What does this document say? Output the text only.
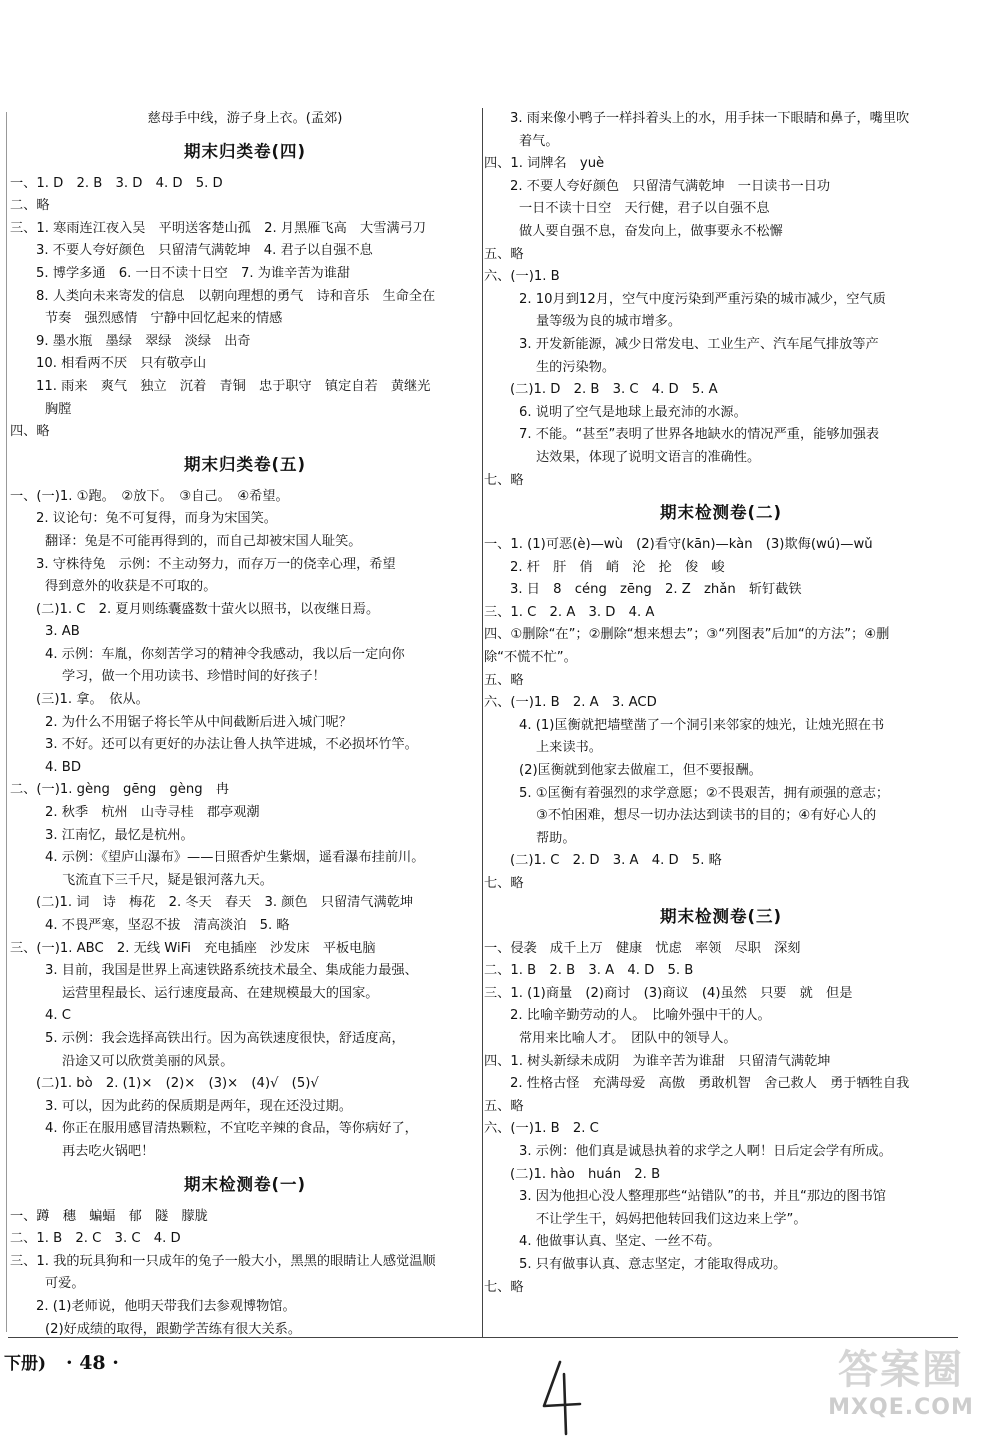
慈母手中线，游子身上衣。(孟郊)
期末归类卷(四)
一、1. D　2. B　3. D　4. D　5. D
二、略
三、1. 寒雨连江夜入吴　平明送客楚山孤　2. 月黑雁飞高　大雪满弓刀
3. 不要人夸好颜色　只留清气满乾坤　4. 君子以自强不息
5. 博学多通　6. 一日不读十日空　7. 为谁辛苦为谁甜
8. 人类向未来寄发的信息　以朝向理想的勇气　诗和音乐　生命全在
节奏　强烈感情　宁静中回忆起来的情感
9. 墨水瓶　墨绿　翠绿　淡绿　出奇
10. 相看两不厌　只有敬亭山
11. 雨来　爽气　独立　沉着　青铜　忠于职守　镇定自若　黄继光
胸膛
四、略
期末归类卷(五)
一、(一)1. ①跑。　②放下。　③自己。　④希望。
2. 议论句：兔不可复得，而身为宋国笑。
翻译：兔是不可能再得到的，而自己却被宋国人耻笑。
3. 守株待兔　示例：不主动努力，而存万一的侥幸心理，希望
得到意外的收获是不可取的。
(二)1. C　2. 夏月则练囊盛数十萤火以照书，以夜继日焉。
3. AB
4. 示例：车胤，你刻苦学习的精神令我感动，我以后一定向你
学习，做一个用功读书、珍惜时间的好孩子！
(三)1. 拿。　依从。
2. 为什么不用锯子将长竿从中间截断后进入城门呢？
3. 不好。还可以有更好的办法让鲁人执竿进城，不必损坏竹竿。
4. BD
二、(一)1. gèng　gēng　gèng　冉
2. 秋季　杭州　山寺寻桂　郡亭观潮
3. 江南忆，最忆是杭州。
4. 示例：《望庐山瀑布》——日照香炉生紫烟，遥看瀑布挂前川。
飞流直下三千尺，疑是银河落九天。
(二)1. 词　诗　梅花　2. 冬天　春天　3. 颜色　只留清气满乾坤
4. 不畏严寒，坚忍不拔　清高淡泊　5. 略
三、(一)1. ABC　2. 无线 WiFi　充电插座　沙发床　平板电脑
3. 目前，我国是世界上高速铁路系统技术最全、集成能力最强、
运营里程最长、运行速度最高、在建规模最大的国家。
4. C
5. 示例：我会选择高铁出行。因为高铁速度很快，舒适度高，
沿途又可以欣赏美丽的风景。
(二)1. bò　2. (1)×　(2)×　(3)×　(4)√　(5)√
3. 可以，因为此药的保质期是两年，现在还没过期。
4. 你正在服用感冒清热颗粒，不宜吃辛辣的食品，等你病好了，
再去吃火锅吧！
期末检测卷(一)
一、蹲　穗　蝙蝠　郁　隧　朦胧
二、1. B　2. C　3. C　4. D
三、1. 我的玩具狗和一只成年的兔子一般大小，黑黑的眼睛让人感觉温顺
可爱。
2. (1)老师说，他明天带我们去参观博物馆。
(2)好成绩的取得，跟勤学苦练有很大关系。
3. 雨来像小鸭子一样抖着头上的水，用手抹一下眼睛和鼻子，嘴里吹
着气。
四、1. 词牌名　yuè
2. 不要人夸好颜色　只留清气满乾坤　一日读书一日功
一日不读十日空　天行健，君子以自强不息
做人要自强不息，奋发向上，做事要永不松懈
五、略
六、(一)1. B
2. 10月到12月，空气中度污染到严重污染的城市减少，空气质
量等级为良的城市增多。
3. 开发新能源，减少日常发电、工业生产、汽车尾气排放等产
生的污染物。
(二)1. D　2. B　3. C　4. D　5. A
6. 说明了空气是地球上最充沛的水源。
7. 不能。“甚至”表明了世界各地缺水的情况严重，能够加强表
达效果，体现了说明文语言的准确性。
七、略
期末检测卷(二)
一、1. (1)可恶(è)—wù　(2)看守(kān)—kàn　(3)欺侮(wú)—wǔ
2. 杆　肝　俏　峭　沦　抡　俊　峻
3. 日　8　céng　zēng　2. Z　zhǎn　斩钉截铁
三、1. C　2. A　3. D　4. A
四、①删除“在”；②删除“想来想去”；③“列图表”后加“的方法”；④删
除“不慌不忙”。
五、略
六、(一)1. B　2. A　3. ACD
4. (1)匡衡就把墙壁凿了一个洞引来邻家的烛光，让烛光照在书
上来读书。
(2)匡衡就到他家去做雇工，但不要报酬。
5. ①匡衡有着强烈的求学意愿；②不畏艰苦，拥有顽强的意志；
③不怕困难，想尽一切办法达到读书的目的；④有好心人的
帮助。
(二)1. C　2. D　3. A　4. D　5. 略
七、略
期末检测卷(三)
一、侵袭　成千上万　健康　忧虑　率领　尽职　深刻
二、1. B　2. B　3. A　4. D　5. B
三、1. (1)商量　(2)商讨　(3)商议　(4)虽然　只要　就　但是
2. 比喻辛勤劳动的人。　比喻外强中干的人。
常用来比喻人才。　团队中的领导人。
四、1. 树头新绿未成阴　为谁辛苦为谁甜　只留清气满乾坤
2. 性格古怪　充满母爱　高傲　勇敢机智　舍己救人　勇于牺牲自我
五、略
六、(一)1. B　2. C
3. 示例：他们真是诚恳执着的求学之人啊！日后定会学有所成。
(二)1. hào　huán　2. B
3. 因为他担心没人整理那些“站错队”的书，并且“那边的图书馆
不让学生干，妈妈把他转回我们这边来上学”。
4. 他做事认真、坚定、一丝不苟。
5. 只有做事认真、意志坚定，才能取得成功。
七、略
下册) · 48 ·	答案圈
MXQE.COM
